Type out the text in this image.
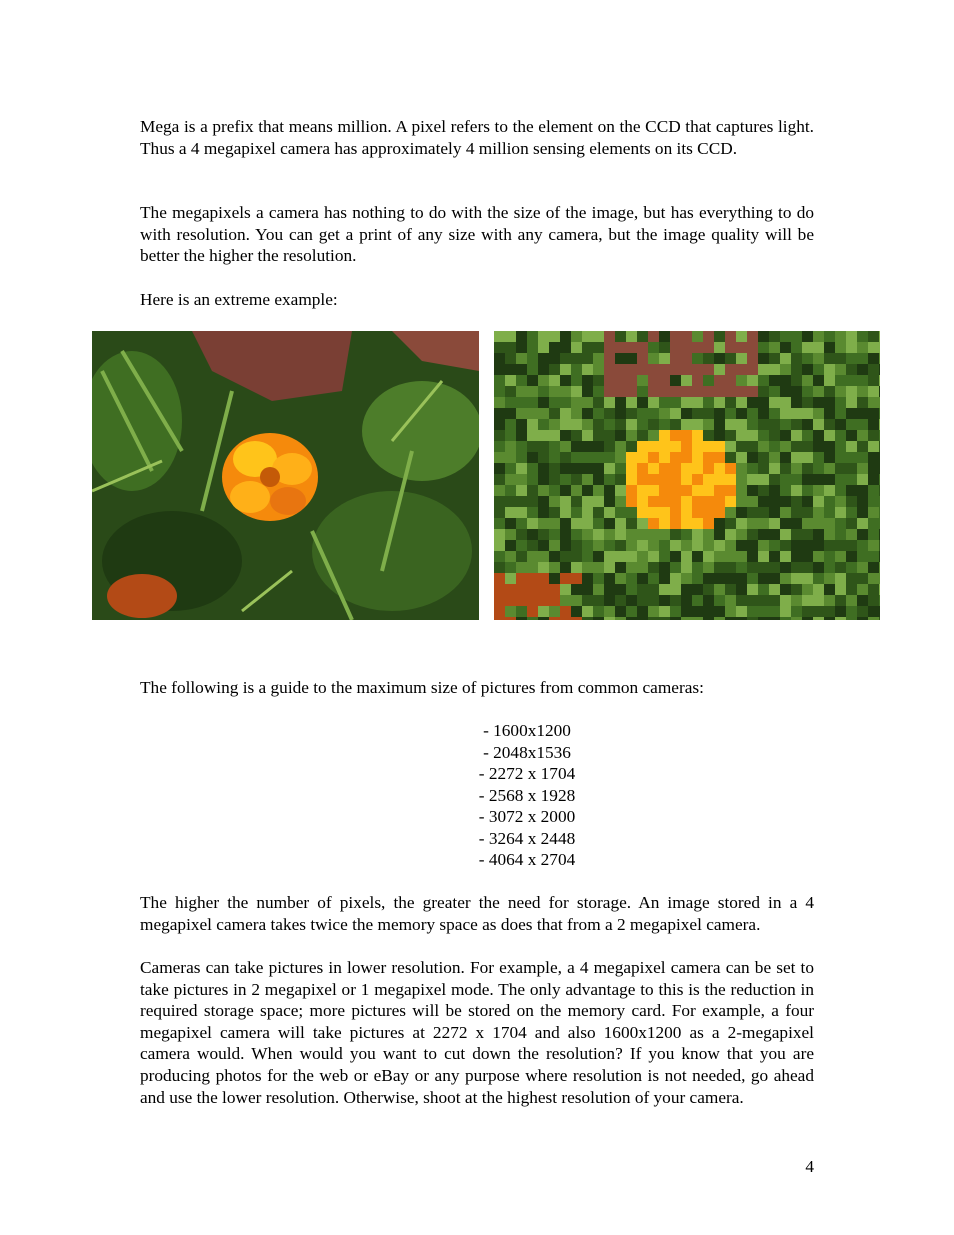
Mega is a prefix that means million. A pixel refers to the element on the CCD that captures light. Thus a 4 megapixel camera has approximately 4 million sensing elements on its CCD.

The megapixels a camera has nothing to do with the size of the image, but has everything to do with resolution. You can get a print of any size with any camera, but the image quality will be better the higher the resolution.

Here is an extreme example:

The following is a guide to the maximum size of pictures from common cameras:

- 1600x1200
- 2048x1536
- 2272 x 1704
- 2568 x 1928
- 3072 x 2000
- 3264 x 2448
- 4064 x 2704

The higher the number of pixels, the greater the need for storage. An image stored in a 4 megapixel camera takes twice the memory space as does that from a 2 megapixel camera.

Cameras can take pictures in lower resolution. For example, a 4 megapixel camera can be set to take pictures in 2 megapixel or 1 megapixel mode. The only advantage to this is the reduction in required storage space; more pictures will be stored on the memory card. For example, a four megapixel camera will take pictures at 2272 x 1704 and also 1600x1200 as a 2-megapixel camera would. When would you want to cut down the resolution? If you know that you are producing photos for the web or eBay or any purpose where resolution is not needed, go ahead and use the lower resolution. Otherwise, shoot at the highest resolution of your camera.

4
